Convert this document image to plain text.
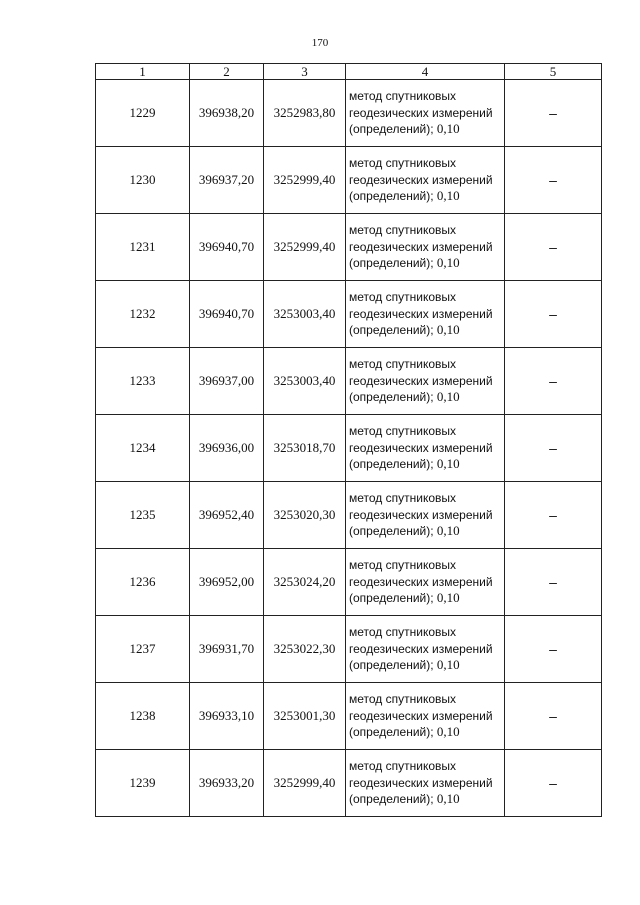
170
1	2	3	4	5
1229	396938,20	3252983,80	метод спутниковых геодезических измерений (определений); 0,10	–
1230	396937,20	3252999,40	метод спутниковых геодезических измерений (определений); 0,10	–
1231	396940,70	3252999,40	метод спутниковых геодезических измерений (определений); 0,10	–
1232	396940,70	3253003,40	метод спутниковых геодезических измерений (определений); 0,10	–
1233	396937,00	3253003,40	метод спутниковых геодезических измерений (определений); 0,10	–
1234	396936,00	3253018,70	метод спутниковых геодезических измерений (определений); 0,10	–
1235	396952,40	3253020,30	метод спутниковых геодезических измерений (определений); 0,10	–
1236	396952,00	3253024,20	метод спутниковых геодезических измерений (определений); 0,10	–
1237	396931,70	3253022,30	метод спутниковых геодезических измерений (определений); 0,10	–
1238	396933,10	3253001,30	метод спутниковых геодезических измерений (определений); 0,10	–
1239	396933,20	3252999,40	метод спутниковых геодезических измерений (определений); 0,10	–
